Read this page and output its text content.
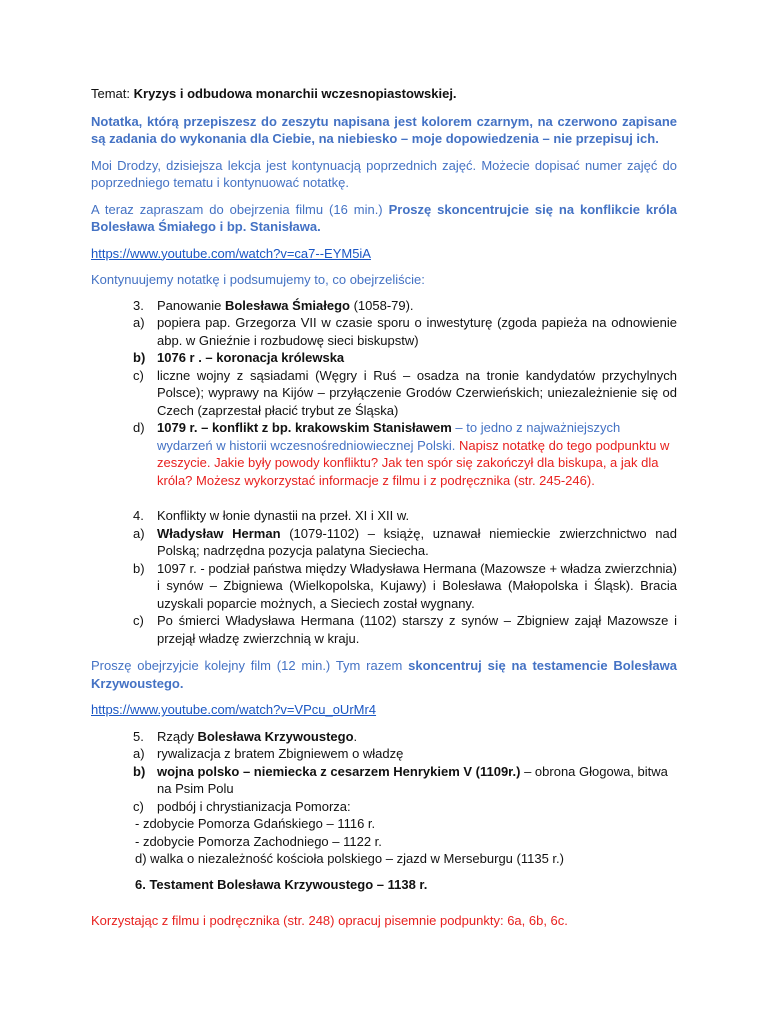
Temat: Kryzys i odbudowa monarchii wczesnopiastowskiej.

Notatka, którą przepiszesz do zeszytu napisana jest kolorem czarnym, na czerwono zapisane są zadania do wykonania dla Ciebie, na niebiesko – moje dopowiedzenia – nie przepisuj ich.

Moi Drodzy, dzisiejsza lekcja jest kontynuacją poprzednich zajęć. Możecie dopisać numer zajęć do poprzedniego tematu i kontynuować notatkę.

A teraz zapraszam do obejrzenia filmu (16 min.) Proszę skoncentrujcie się na konflikcie króla Bolesława Śmiałego i bp. Stanisława.

https://www.youtube.com/watch?v=ca7--EYM5iA

Kontynuujemy notatkę i podsumujemy to, co obejrzeliście:

3.	Panowanie Bolesława Śmiałego (1058-79).
a) popiera pap. Grzegorza VII w czasie sporu o inwestyturę (zgoda papieża na odnowienie abp. w Gnieźnie i rozbudowę sieci biskupstw)
b) 1076 r . – koronacja królewska
c)	liczne wojny z sąsiadami (Węgry i Ruś – osadza na tronie kandydatów przychylnych Polsce); wyprawy na Kijów – przyłączenie Grodów Czerwieńskich; uniezależnienie się od Czech (zaprzestał płacić trybut ze Śląska)
d) 1079 r. – konflikt z bp. krakowskim Stanisławem – to jedno z najważniejszych wydarzeń w historii wczesnośredniowiecznej Polski. Napisz notatkę do tego podpunktu w zeszycie. Jakie były powody konfliktu? Jak ten spór się zakończył dla biskupa, a jak dla króla? Możesz wykorzystać informacje z filmu i z podręcznika (str. 245-246).
4.	Konflikty w łonie dynastii na przeł. XI i XII w.
a) Władysław Herman (1079-1102) – książę, uznawał niemieckie zwierzchnictwo nad Polską; nadrzędna pozycja palatyna Sieciecha.
b) 1097 r. - podział państwa między Władysława Hermana (Mazowsze + władza zwierzchnia) i synów – Zbigniewa (Wielkopolska, Kujawy) i Bolesława (Małopolska i Śląsk). Bracia uzyskali poparcie możnych, a Sieciech został wygnany.
c)	Po śmierci Władysława Hermana (1102) starszy z synów – Zbigniew zajął Mazowsze i przejął władzę zwierzchnią w kraju.

Proszę obejrzyjcie kolejny film (12 min.) Tym razem skoncentruj się na testamencie Bolesława Krzywoustego.

https://www.youtube.com/watch?v=VPcu_oUrMr4

5.	Rządy Bolesława Krzywoustego.
a) rywalizacja z bratem Zbigniewem o władzę
b) wojna polsko – niemiecka z cesarzem Henrykiem V (1109r.) – obrona Głogowa, bitwa na Psim Polu
c)	podbój i chrystianizacja Pomorza:

- zdobycie Pomorza Gdańskiego – 1116 r.

- zdobycie Pomorza Zachodniego – 1122 r.

d) walka o niezależność kościoła polskiego – zjazd w Merseburgu (1135 r.)

6. Testament Bolesława Krzywoustego – 1138 r.

Korzystając z filmu i podręcznika (str. 248) opracuj pisemnie podpunkty: 6a, 6b, 6c.
